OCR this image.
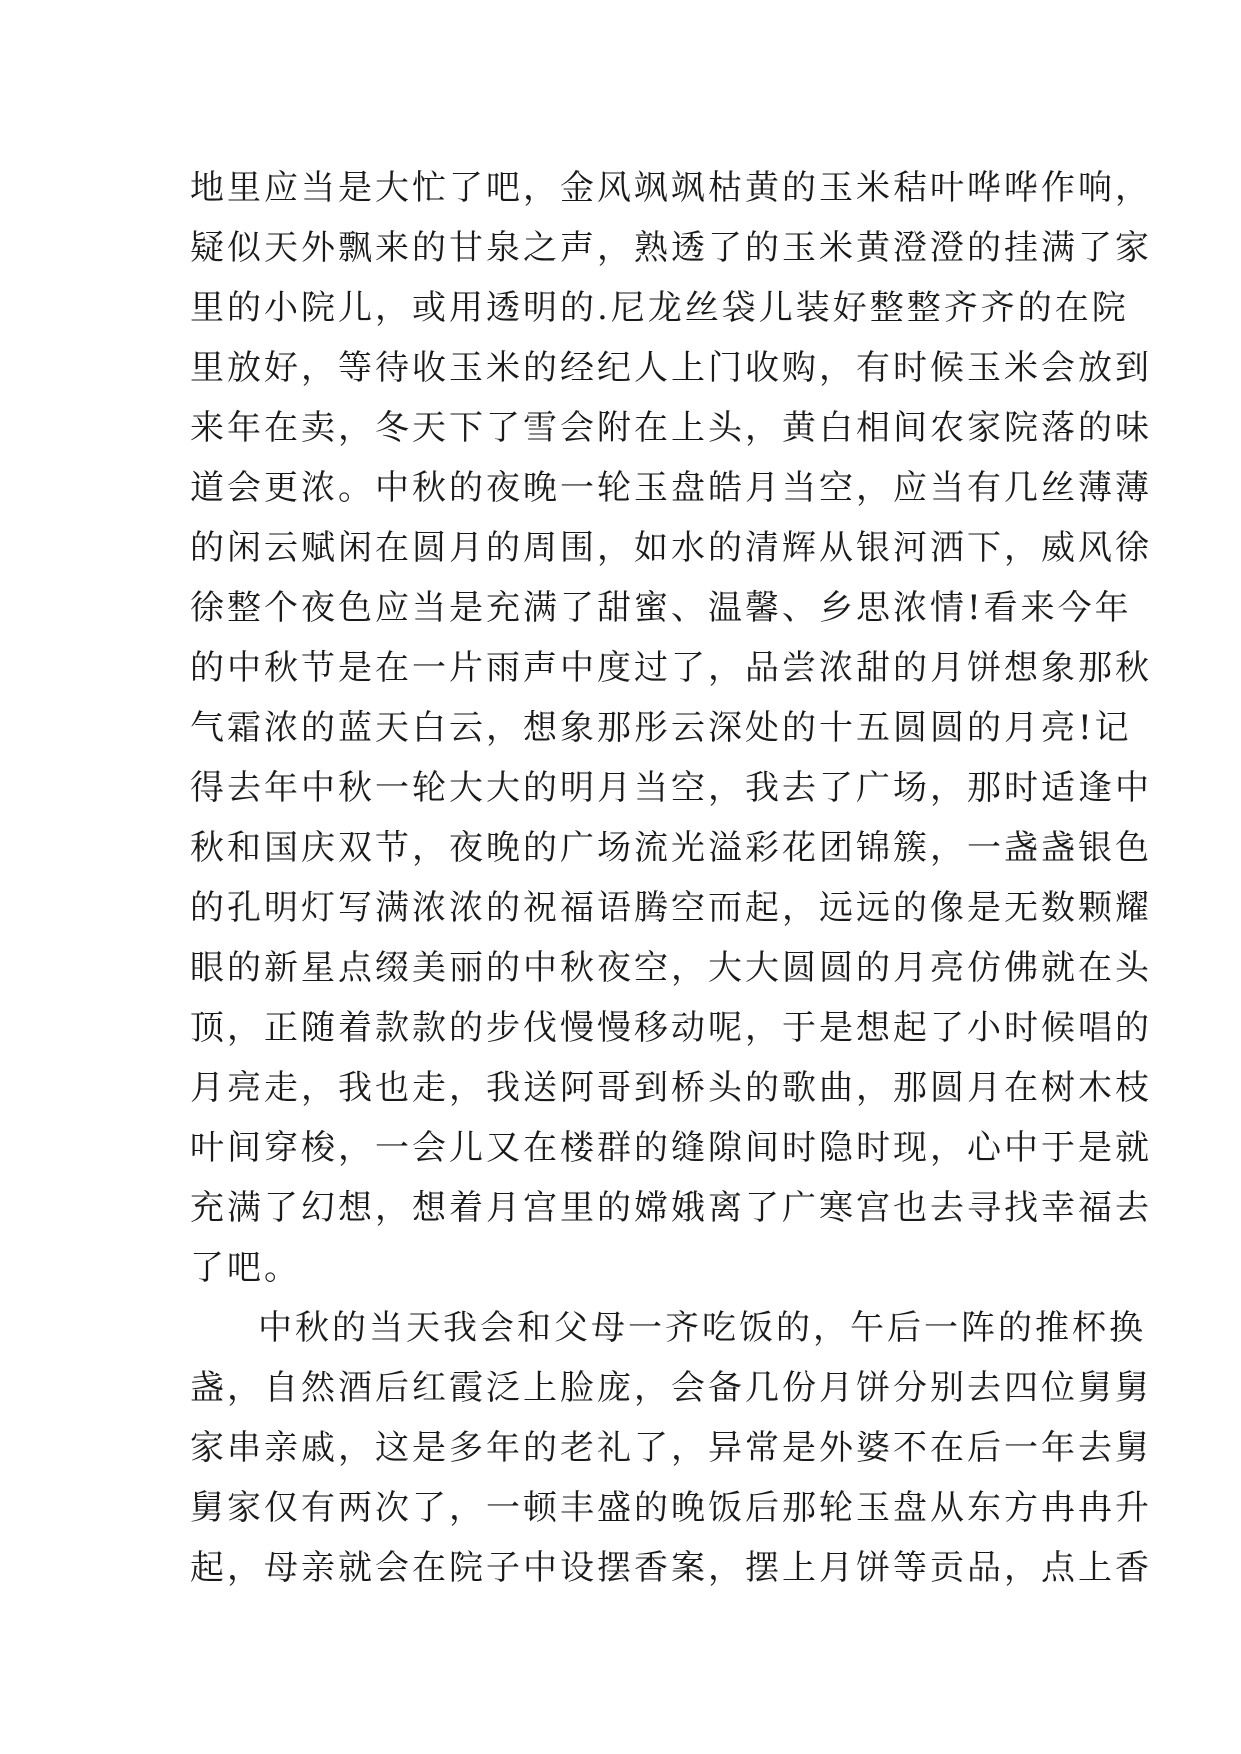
地里应当是大忙了吧，金风飒飒枯黄的玉米秸叶哗哗作响，

疑似天外飘来的甘泉之声，熟透了的玉米黄澄澄的挂满了家

里的小院儿，或用透明的.尼龙丝袋儿装好整整齐齐的在院

里放好，等待收玉米的经纪人上门收购，有时候玉米会放到

来年在卖，冬天下了雪会附在上头，黄白相间农家院落的味

道会更浓。中秋的夜晚一轮玉盘皓月当空，应当有几丝薄薄

的闲云赋闲在圆月的周围，如水的清辉从银河洒下，威风徐

徐整个夜色应当是充满了甜蜜、温馨、乡思浓情!看来今年

的中秋节是在一片雨声中度过了，品尝浓甜的月饼想象那秋

气霜浓的蓝天白云，想象那彤云深处的十五圆圆的月亮!记

得去年中秋一轮大大的明月当空，我去了广场，那时适逢中

秋和国庆双节，夜晚的广场流光溢彩花团锦簇，一盏盏银色

的孔明灯写满浓浓的祝福语腾空而起，远远的像是无数颗耀

眼的新星点缀美丽的中秋夜空，大大圆圆的月亮仿佛就在头

顶，正随着款款的步伐慢慢移动呢，于是想起了小时候唱的

月亮走，我也走，我送阿哥到桥头的歌曲，那圆月在树木枝

叶间穿梭，一会儿又在楼群的缝隙间时隐时现，心中于是就

充满了幻想，想着月宫里的嫦娥离了广寒宫也去寻找幸福去

了吧。

中秋的当天我会和父母一齐吃饭的，午后一阵的推杯换

盏，自然酒后红霞泛上脸庞，会备几份月饼分别去四位舅舅

家串亲戚，这是多年的老礼了，异常是外婆不在后一年去舅

舅家仅有两次了，一顿丰盛的晚饭后那轮玉盘从东方冉冉升

起，母亲就会在院子中设摆香案，摆上月饼等贡品，点上香
